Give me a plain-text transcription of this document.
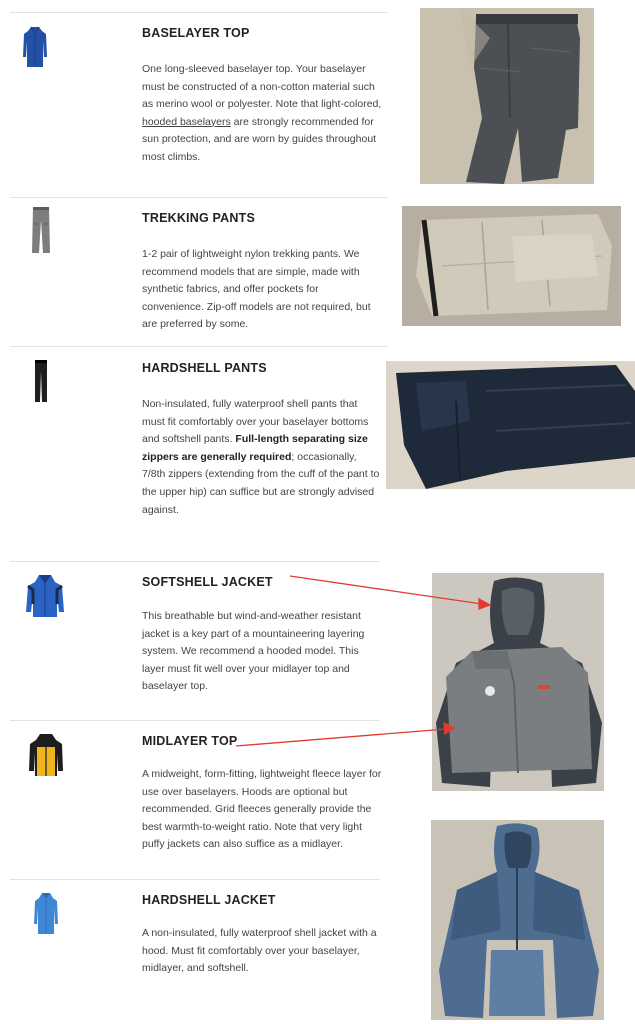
BASELAYER TOP

One long-sleeved baselayer top. Your baselayer must be constructed of a non-cotton material such as merino wool or polyester. Note that light-colored, hooded baselayers are strongly recommended for sun protection, and are worn by guides throughout most climbs.

TREKKING PANTS

1-2 pair of lightweight nylon trekking pants. We recommend models that are simple, made with synthetic fabrics, and offer pockets for convenience. Zip-off models are not required, but are preferred by some.

HARDSHELL PANTS

Non-insulated, fully waterproof shell pants that must fit comfortably over your baselayer bottoms and softshell pants. Full-length separating size zippers are generally required; occasionally, 7/8th zippers (extending from the cuff of the pant to the upper hip) can suffice but are strongly advised against.

SOFTSHELL JACKET

This breathable but wind-and-weather resistant jacket is a key part of a mountaineering layering system. We recommend a hooded model. This layer must fit well over your midlayer top and baselayer top.

MIDLAYER TOP

A midweight, form-fitting, lightweight fleece layer for use over baselayers. Hoods are optional but recommended. Grid fleeces generally provide the best warmth-to-weight ratio. Note that very light puffy jackets can also suffice as a midlayer.

HARDSHELL JACKET

A non-insulated, fully waterproof shell jacket with a hood. Must fit comfortably over your baselayer, midlayer, and softshell.
